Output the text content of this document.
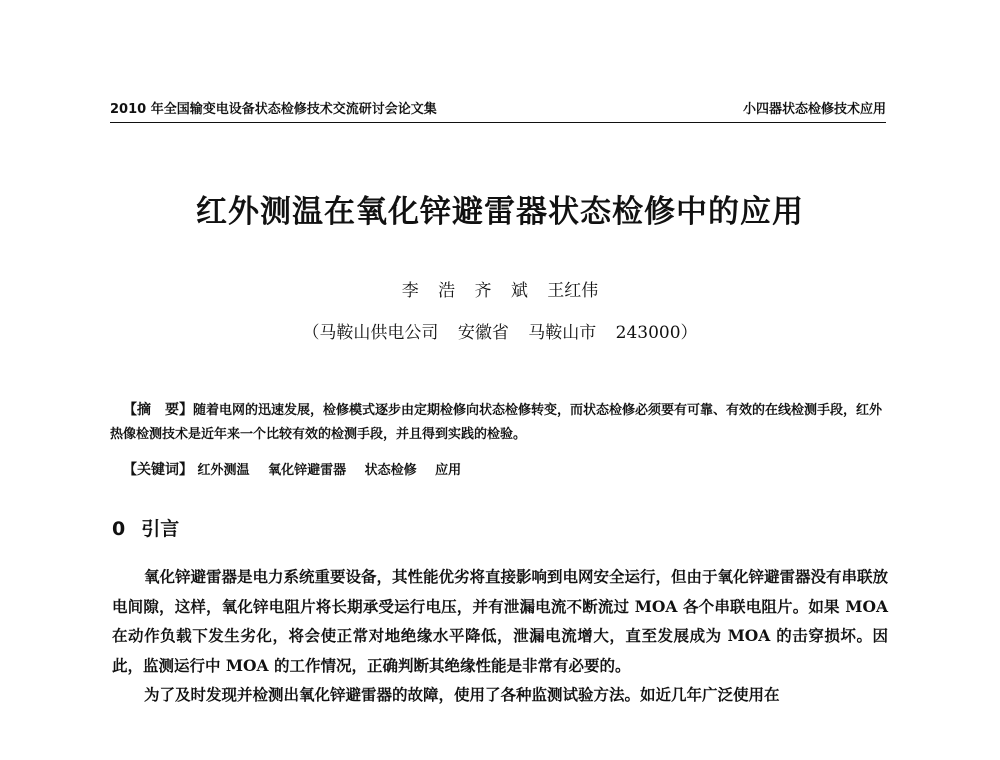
2010 年全国输变电设备状态检修技术交流研讨会论文集	小四器状态检修技术应用
红外测温在氧化锌避雷器状态检修中的应用
李 浩 齐 斌 王红伟
（马鞍山供电公司 安徽省 马鞍山市 243000）

【摘　要】随着电网的迅速发展，检修模式逐步由定期检修向状态检修转变，而状态检修必须要有可靠、有效的在线检测手段，红外热像检测技术是近年来一个比较有效的检测手段，并且得到实践的检验。

【关键词】 红外测温 氧化锌避雷器 状态检修 应用
0 引言

氧化锌避雷器是电力系统重要设备，其性能优劣将直接影响到电网安全运行，但由于氧化锌避雷器没有串联放电间隙，这样，氧化锌电阻片将长期承受运行电压，并有泄漏电流不断流过 MOA 各个串联电阻片。如果 MOA 在动作负载下发生劣化，将会使正常对地绝缘水平降低，泄漏电流增大，直至发展成为 MOA 的击穿损坏。因此，监测运行中 MOA 的工作情况，正确判断其绝缘性能是非常有必要的。

为了及时发现并检测出氧化锌避雷器的故障，使用了各种监测试验方法。如近几年广泛使用在
